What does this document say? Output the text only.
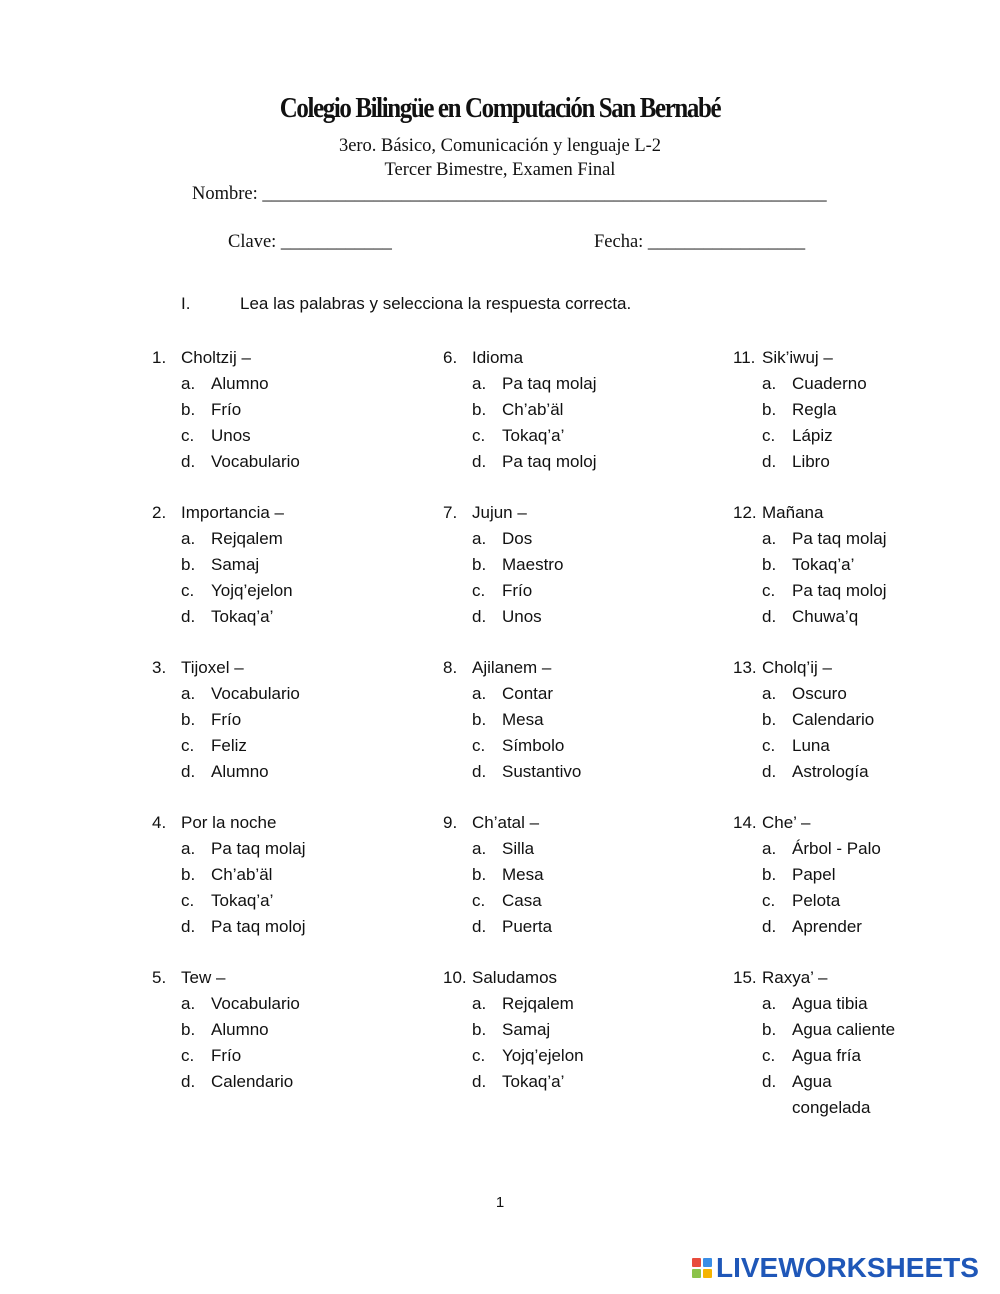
Colegio Bilingüe en Computación San Bernabé
3ero. Básico, Comunicación y lenguaje L-2
Tercer Bimestre, Examen Final
Nombre: _____________________________________________________________
Clave: ____________	Fecha: _________________
I.	Lea las palabras y selecciona la respuesta correcta.
1. Choltzij –
a. Alumno
b. Frío
c. Unos
d. Vocabulario
2. Importancia –
a. Rejqalem
b. Samaj
c. Yojq’ejelon
d. Tokaq’a’
3. Tijoxel –
a. Vocabulario
b. Frío
c. Feliz
d. Alumno
4. Por la noche
a. Pa taq molaj
b. Ch’ab’äl
c. Tokaq’a’
d. Pa taq moloj
5. Tew –
a. Vocabulario
b. Alumno
c. Frío
d. Calendario
6. Idioma
a. Pa taq molaj
b. Ch’ab’äl
c. Tokaq’a’
d. Pa taq moloj
7. Jujun –
a. Dos
b. Maestro
c. Frío
d. Unos
8. Ajilanem –
a. Contar
b. Mesa
c. Símbolo
d. Sustantivo
9. Ch’atal –
a. Silla
b. Mesa
c. Casa
d. Puerta
10. Saludamos
a. Rejqalem
b. Samaj
c. Yojq’ejelon
d. Tokaq’a’
11. Sik’iwuj –
a. Cuaderno
b. Regla
c. Lápiz
d. Libro
12. Mañana
a. Pa taq molaj
b. Tokaq’a’
c. Pa taq moloj
d. Chuwa’q
13. Cholq’ij –
a. Oscuro
b. Calendario
c. Luna
d. Astrología
14. Che’ –
a. Árbol - Palo
b. Papel
c. Pelota
d. Aprender
15. Raxya’ –
a. Agua tibia
b. Agua caliente
c. Agua fría
d. Agua congelada
1
LIVEWORKSHEETS
